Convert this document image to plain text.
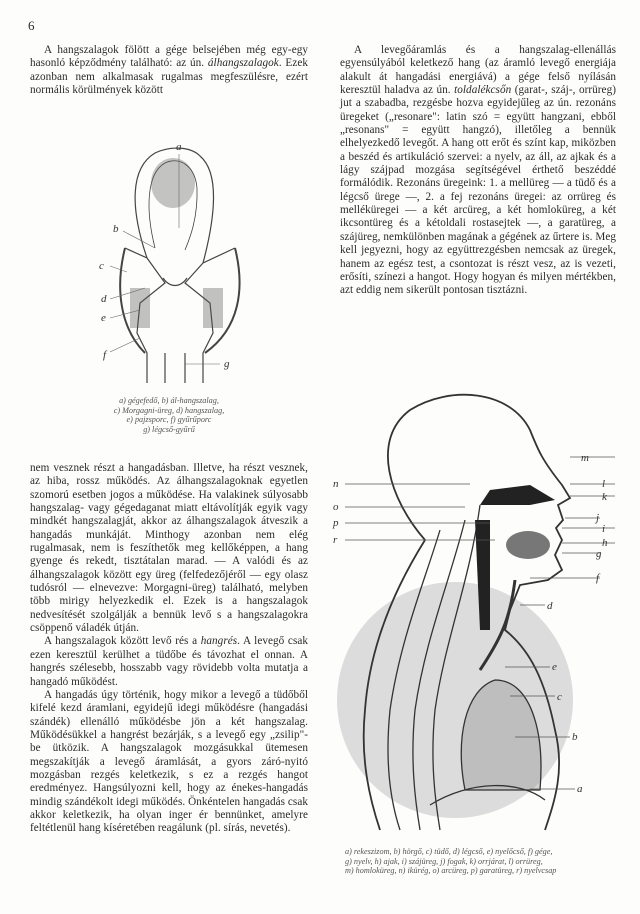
6

A hangszalagok fölött a gége belsejében még egy-egy hasonló képződmény található: az ún. álhangszalagok. Ezek azonban nem alkalmasak rugalmas megfeszülésre, ezért normális körülmények között

a
b
c
d
e
f
g
a) gégefedő, b) ál-hangszalag,
c) Morgagni-üreg, d) hangszalag,
e) pajzsporc, f) gyűrűporc
g) légcső-gyűrű

A levegőáramlás és a hangszalag-ellenállás egyensúlyából keletkező hang (az áramló levegő energiája alakult át hangadási energiává) a gége felső nyílásán keresztül haladva az ún. toldalékcsőn (garat-, száj-, orrüreg) jut a szabadba, rezgésbe hozva egyidejűleg az ún. rezonáns üregeket („resonare": latin szó = együtt hangzani, ebből „resonans" = együtt hangzó), illetőleg a bennük elhelyezkedő levegőt. A hang ott erőt és színt kap, miközben a beszéd és artikuláció szervei: a nyelv, az áll, az ajkak és a lágy szájpad mozgása segítségével érthető beszéddé formálódik. Rezonáns üregeink: 1. a mellüreg — a tüdő és a légcső ürege —, 2. a fej rezonáns üregei: az orrüreg és melléküregei — a két arcüreg, a két homloküreg, a két ikcsontüreg és a kétoldali rostasejtek —, a garatüreg, a szájüreg, nemkülönben magának a gégének az űrtere is. Meg kell jegyezni, hogy az együttrezgésben nemcsak az üregek, hanem az egész test, a csontozat is részt vesz, az is vezeti, erősíti, színezi a hangot. Hogy hogyan és milyen mértékben, azt eddig nem sikerült pontosan tisztázni.

nem vesznek részt a hangadásban. Illetve, ha részt vesznek, az hiba, rossz működés. Az álhangszalagoknak egyetlen szomorú esetben jogos a működése. Ha valakinek súlyosabb hangszalag- vagy gégedaganat miatt eltávolítják egyik vagy mindkét hangszalagját, akkor az álhangszalagok átveszik a hangadás munkáját. Minthogy azonban nem elég rugalmasak, nem is feszíthetők meg kellőképpen, a hang gyenge és rekedt, tisztátalan marad. — A valódi és az álhangszalagok között egy üreg (felfedezőjéről — egy olasz tudósról — elnevezve: Morgagni-üreg) található, melyben több mirigy helyezkedik el. Ezek is a hangszalagok nedvesítését szolgálják a bennük levő s a hangszalagokra csöppenő váladék útján.

A hangszalagok között levő rés a hangrés. A levegő csak ezen keresztül kerülhet a tüdőbe és távozhat el onnan. A hangrés szélesebb, hosszabb vagy rövidebb volta mutatja a hangadó működést.

A hangadás úgy történik, hogy mikor a levegő a tüdőből kifelé kezd áramlani, egyidejű idegi működésre (hangadási szándék) ellenálló működésbe jön a két hangszalag. Működésükkel a hangrést bezárják, s a levegő egy „zsilip"-be ütközik. A hangszalagok mozgásukkal ütemesen megszakítják a levegő áramlását, a gyors záró-nyitó mozgásban rezgés keletkezik, s ez a rezgés hangot eredményez. Hangsúlyozni kell, hogy az énekes-hangadás mindig szándékolt idegi működés. Önkéntelen hangadás csak akkor keletkezik, ha olyan inger ér bennünket, amelyre feltétlenül hang kíséretében reagálunk (pl. sírás, nevetés).

m
l
k
j
i
h
g
f
d
e
c
b
a
n
o
p
r
a) rekeszizom, b) hörgő, c) tüdő, d) légcső, e) nyelőcső, f) gége,
g) nyelv, h) ajak, i) szájüreg, j) fogak, k) orrjárat, l) orrüreg,
m) homloküreg, n) ikürég, o) arcüreg, p) garatüreg, r) nyelvcsap
